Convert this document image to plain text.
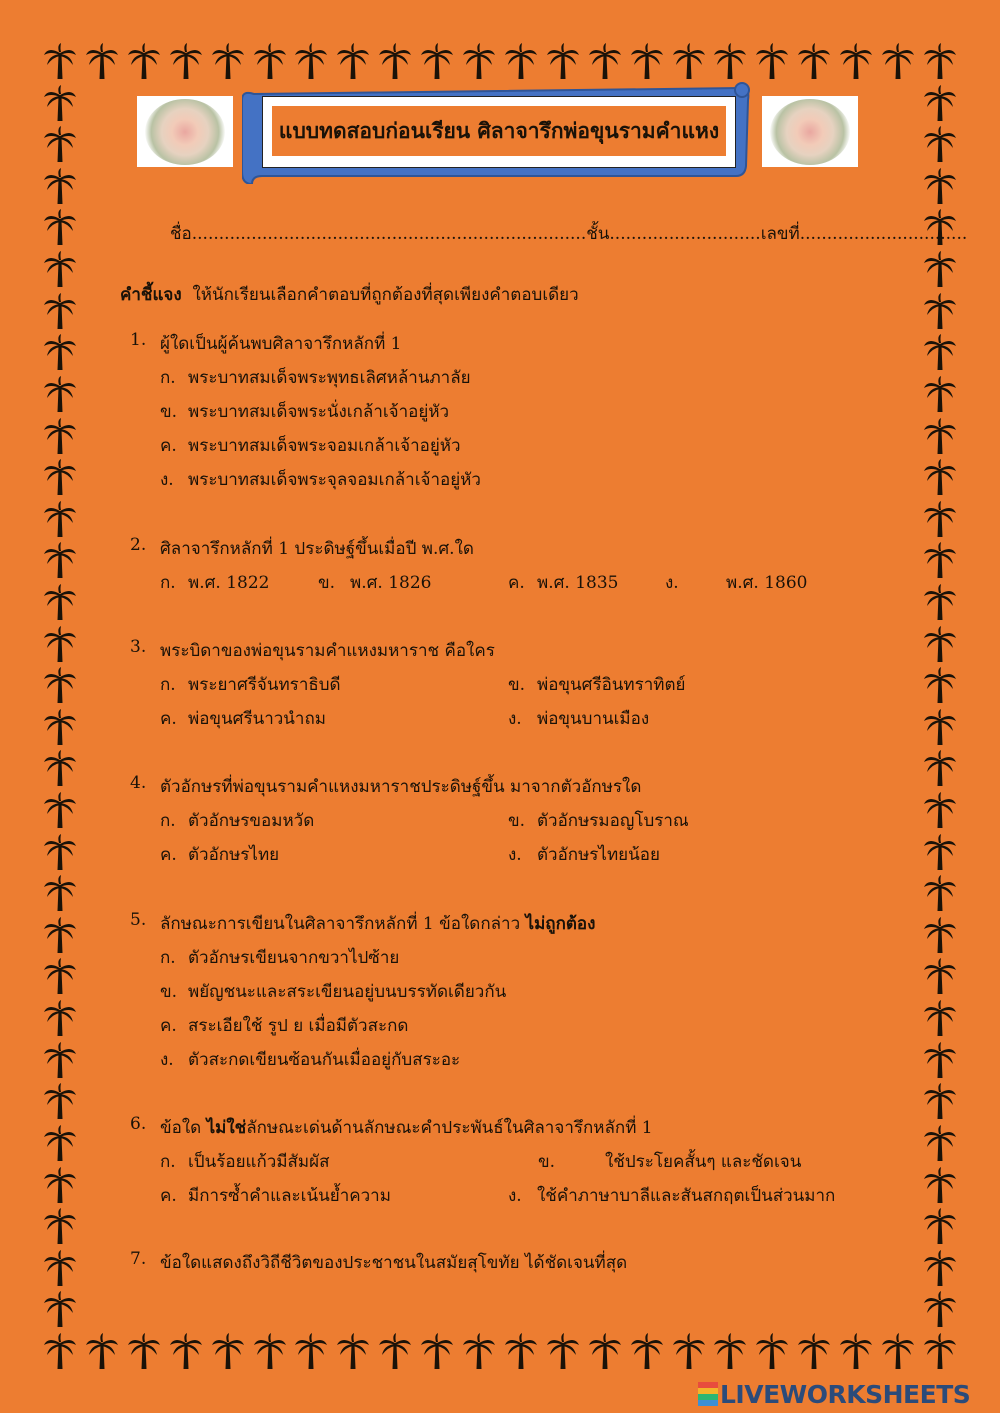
แบบทดสอบก่อนเรียน ศิลาจารึกพ่อขุนรามคำแหง
ชื่อ.........................................................................ชั้น............................เลขที่...............................
คำชี้แจง ให้นักเรียนเลือกคำตอบที่ถูกต้องที่สุดเพียงคำตอบเดียว
1. ผู้ใดเป็นผู้ค้นพบศิลาจารึกหลักที่ 1
ก. พระบาทสมเด็จพระพุทธเลิศหล้านภาลัย
ข. พระบาทสมเด็จพระนั่งเกล้าเจ้าอยู่หัว
ค. พระบาทสมเด็จพระจอมเกล้าเจ้าอยู่หัว
ง. พระบาทสมเด็จพระจุลจอมเกล้าเจ้าอยู่หัว
2. ศิลาจารึกหลักที่ 1 ประดิษฐ์ขึ้นเมื่อปี พ.ศ.ใด
ก. พ.ศ. 1822	ข. พ.ศ. 1826	ค. พ.ศ. 1835	ง.	พ.ศ. 1860
3. พระบิดาของพ่อขุนรามคำแหงมหาราช คือใคร
ก. พระยาศรีจันทราธิบดี	ข. พ่อขุนศรีอินทราทิตย์
ค. พ่อขุนศรีนาวนำถม	ง. พ่อขุนบานเมือง
4. ตัวอักษรที่พ่อขุนรามคำแหงมหาราชประดิษฐ์ขึ้น มาจากตัวอักษรใด
ก. ตัวอักษรขอมหวัด	ข. ตัวอักษรมอญโบราณ
ค. ตัวอักษรไทย	ง. ตัวอักษรไทยน้อย
5. ลักษณะการเขียนในศิลาจารึกหลักที่ 1 ข้อใดกล่าว ไม่ถูกต้อง
ก. ตัวอักษรเขียนจากขวาไปซ้าย
ข. พยัญชนะและสระเขียนอยู่บนบรรทัดเดียวกัน
ค. สระเอียใช้ รูป ย เมื่อมีตัวสะกด
ง. ตัวสะกดเขียนซ้อนกันเมื่ออยู่กับสระอะ
6. ข้อใด ไม่ใช่ลักษณะเด่นด้านลักษณะคำประพันธ์ในศิลาจารึกหลักที่ 1
ก. เป็นร้อยแก้วมีสัมผัส	ข.	ใช้ประโยคสั้นๆ และชัดเจน
ค. มีการซ้ำคำและเน้นย้ำความ	ง. ใช้คำภาษาบาลีและสันสกฤตเป็นส่วนมาก
7. ข้อใดแสดงถึงวิถีชีวิตของประชาชนในสมัยสุโขทัย ได้ชัดเจนที่สุด
LIVEWORKSHEETS
